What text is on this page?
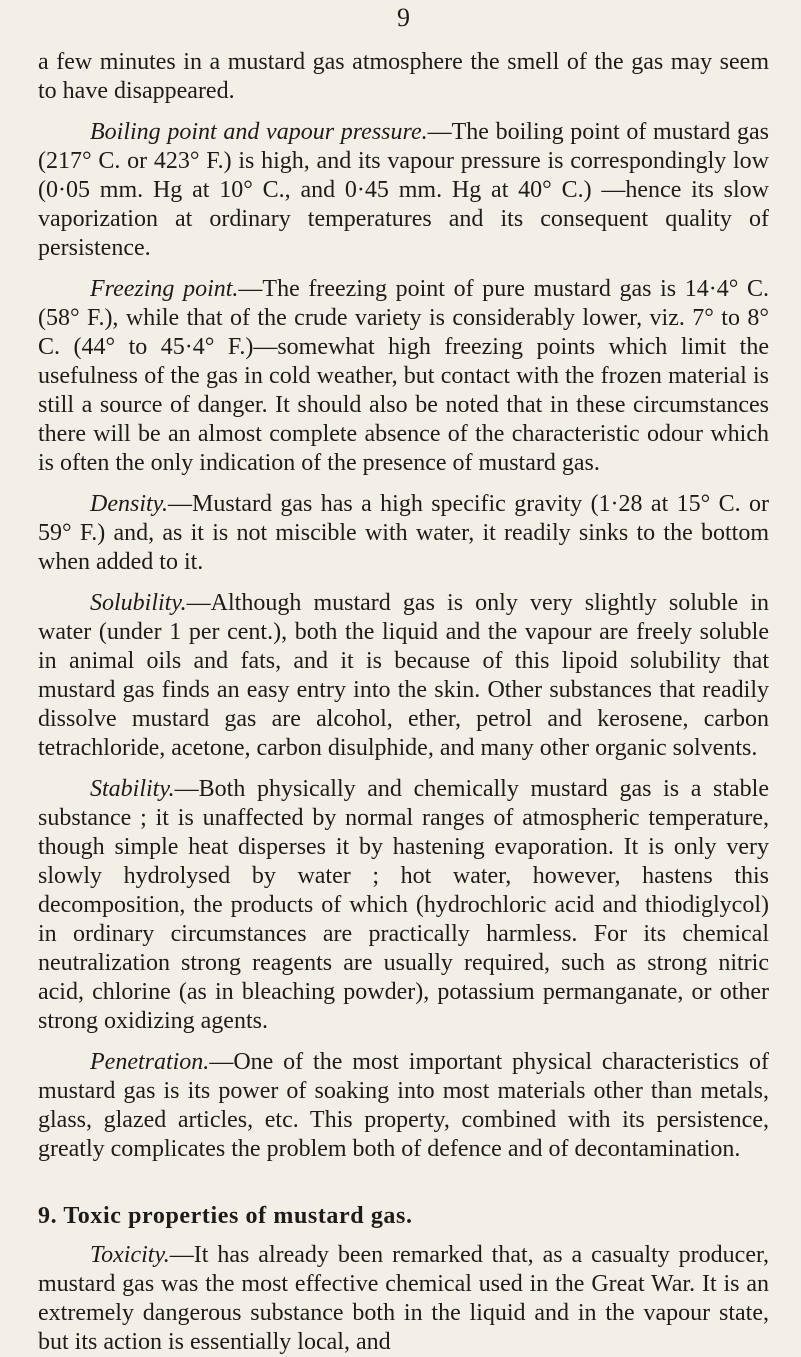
9

a few minutes in a mustard gas atmosphere the smell of the gas may seem to have disappeared.

Boiling point and vapour pressure.—The boiling point of mustard gas (217° C. or 423° F.) is high, and its vapour pressure is correspondingly low (0·05 mm. Hg at 10° C., and 0·45 mm. Hg at 40° C.) —hence its slow vaporization at ordinary temperatures and its consequent quality of persistence.

Freezing point.—The freezing point of pure mustard gas is 14·4° C. (58° F.), while that of the crude variety is considerably lower, viz. 7° to 8° C. (44° to 45·4° F.)—somewhat high freezing points which limit the usefulness of the gas in cold weather, but contact with the frozen material is still a source of danger. It should also be noted that in these circumstances there will be an almost complete absence of the characteristic odour which is often the only indication of the presence of mustard gas.

Density.—Mustard gas has a high specific gravity (1·28 at 15° C. or 59° F.) and, as it is not miscible with water, it readily sinks to the bottom when added to it.

Solubility.—Although mustard gas is only very slightly soluble in water (under 1 per cent.), both the liquid and the vapour are freely soluble in animal oils and fats, and it is because of this lipoid solubility that mustard gas finds an easy entry into the skin. Other substances that readily dissolve mustard gas are alcohol, ether, petrol and kerosene, carbon tetrachloride, acetone, carbon disulphide, and many other organic solvents.

Stability.—Both physically and chemically mustard gas is a stable substance ; it is unaffected by normal ranges of atmospheric temperature, though simple heat disperses it by hastening evaporation. It is only very slowly hydrolysed by water ; hot water, however, hastens this decomposition, the products of which (hydrochloric acid and thiodiglycol) in ordinary circumstances are practically harmless. For its chemical neutralization strong reagents are usually required, such as strong nitric acid, chlorine (as in bleaching powder), potassium permanganate, or other strong oxidizing agents.

Penetration.—One of the most important physical characteristics of mustard gas is its power of soaking into most materials other than metals, glass, glazed articles, etc. This property, combined with its persistence, greatly complicates the problem both of defence and of decontamination.

9. Toxic properties of mustard gas.

Toxicity.—It has already been remarked that, as a casualty producer, mustard gas was the most effective chemical used in the Great War. It is an extremely dangerous substance both in the liquid and in the vapour state, but its action is essentially local, and
